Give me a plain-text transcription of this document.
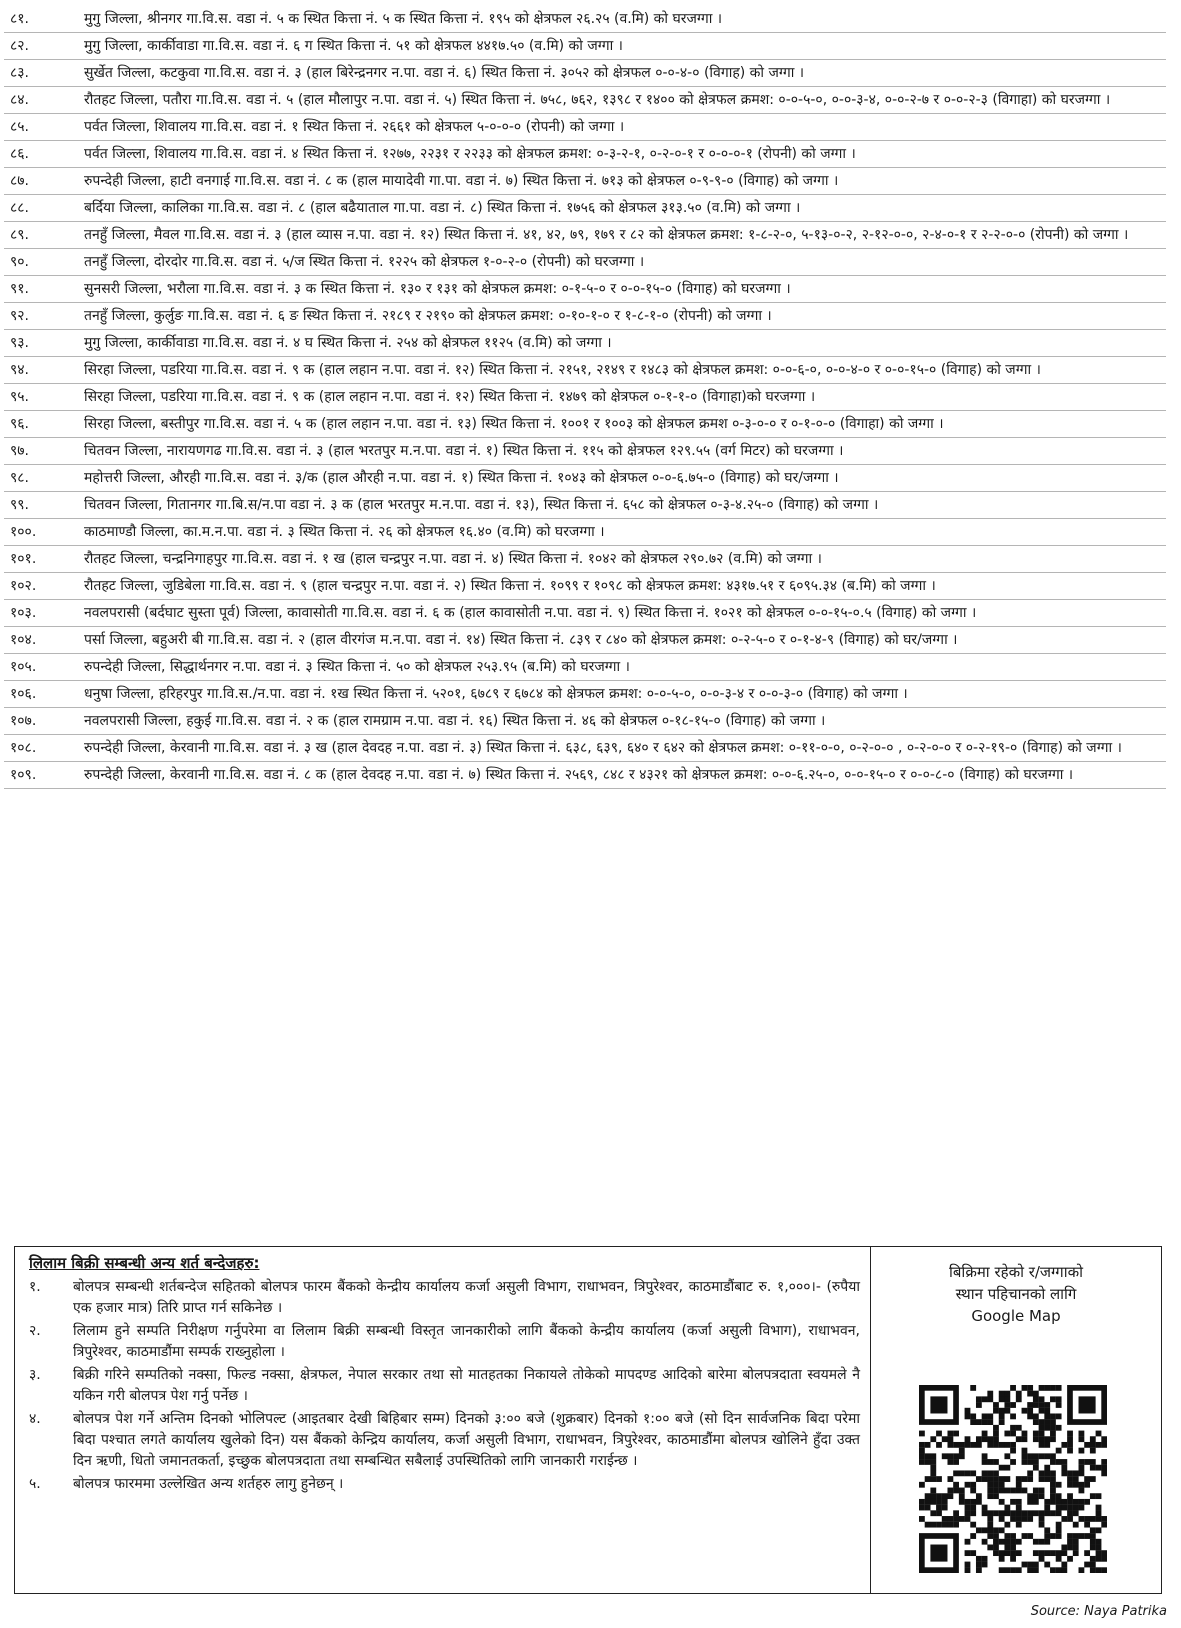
८१.	मुगु जिल्ला, श्रीनगर गा.वि.स. वडा नं. ५ क स्थित कित्ता नं. ५ क स्थित कित्ता नं. १९५ को क्षेत्रफल २६.२५ (व.मि) को घरजग्गा ।
८२.	मुगु जिल्ला, कार्कीवाडा गा.वि.स. वडा नं. ६ ग स्थित कित्ता नं. ५१ को क्षेत्रफल ४४१७.५० (व.मि) को जग्गा ।
८३.	सुर्खेत जिल्ला, कटकुवा गा.वि.स. वडा नं. ३ (हाल बिरेन्द्रनगर न.पा. वडा नं. ६) स्थित कित्ता नं. ३०५२ को क्षेत्रफल ०-०-४-० (विगाह) को जग्गा ।
८४.	रौतहट जिल्ला, पतौरा गा.वि.स. वडा नं. ५ (हाल मौलापुर न.पा. वडा नं. ५) स्थित कित्ता नं. ७५८, ७६२, १३९८ र १४०० को क्षेत्रफल क्रमश: ०-०-५-०, ०-०-३-४, ०-०-२-७ र ०-०-२-३ (विगाहा) को घरजग्गा ।
८५.	पर्वत जिल्ला, शिवालय गा.वि.स. वडा नं. १ स्थित कित्ता नं. २६६१ को क्षेत्रफल ५-०-०-० (रोपनी) को जग्गा ।
८६.	पर्वत जिल्ला, शिवालय गा.वि.स. वडा नं. ४ स्थित कित्ता नं. १२७७, २२३१ र २२३३ को क्षेत्रफल क्रमश: ०-३-२-१, ०-२-०-१ र ०-०-०-१ (रोपनी) को जग्गा ।
८७.	रुपन्देही जिल्ला, हाटी वनगाई गा.वि.स. वडा नं. ८ क (हाल मायादेवी गा.पा. वडा नं. ७) स्थित कित्ता नं. ७१३ को क्षेत्रफल ०-९-९-० (विगाह) को जग्गा ।
८८.	बर्दिया जिल्ला, कालिका गा.वि.स. वडा नं. ८ (हाल बढैयाताल गा.पा. वडा नं. ८) स्थित कित्ता नं. १७५६ को क्षेत्रफल ३१३.५० (व.मि) को जग्गा ।
८९.	तनहुँ जिल्ला, मैवल गा.वि.स. वडा नं. ३ (हाल व्यास न.पा. वडा नं. १२) स्थित कित्ता नं. ४१, ४२, ७९, १७९ र ८२ को क्षेत्रफल क्रमश: १-८-२-०, ५-१३-०-२, २-१२-०-०, २-४-०-१ र २-२-०-० (रोपनी) को जग्गा ।
९०.	तनहुँ जिल्ला, दोरदोर गा.वि.स. वडा नं. ५/ज स्थित कित्ता नं. १२२५ को क्षेत्रफल १-०-२-० (रोपनी) को घरजग्गा ।
९१.	सुनसरी जिल्ला, भरौला गा.वि.स. वडा नं. ३ क स्थित कित्ता नं. १३० र १३१ को क्षेत्रफल क्रमश: ०-१-५-० र ०-०-१५-० (विगाह) को घरजग्गा ।
९२.	तनहुँ जिल्ला, कुर्लुङ गा.वि.स. वडा नं. ६ ङ स्थित कित्ता नं. २१८९ र २१९० को क्षेत्रफल क्रमश: ०-१०-१-० र १-८-१-० (रोपनी) को जग्गा ।
९३.	मुगु जिल्ला, कार्कीवाडा गा.वि.स. वडा नं. ४ घ स्थित कित्ता नं. २५४ को क्षेत्रफल ११२५ (व.मि) को जग्गा ।
९४.	सिरहा जिल्ला, पडरिया गा.वि.स. वडा नं. ९ क (हाल लहान न.पा. वडा नं. १२) स्थित कित्ता नं. २१५१, २१४९ र १४८३ को क्षेत्रफल क्रमश: ०-०-६-०, ०-०-४-० र ०-०-१५-० (विगाह) को जग्गा ।
९५.	सिरहा जिल्ला, पडरिया गा.वि.स. वडा नं. ९ क (हाल लहान न.पा. वडा नं. १२) स्थित कित्ता नं. १४७९ को क्षेत्रफल ०-१-१-० (विगाहा)को घरजग्गा ।
९६.	सिरहा जिल्ला, बस्तीपुर गा.वि.स. वडा नं. ५ क (हाल लहान न.पा. वडा नं. १३) स्थित कित्ता नं. १००१ र १००३ को क्षेत्रफल क्रमश ०-३-०-० र ०-१-०-० (विगाहा) को जग्गा ।
९७.	चितवन जिल्ला, नारायणगढ गा.वि.स. वडा नं. ३ (हाल भरतपुर म.न.पा. वडा नं. १) स्थित कित्ता नं. ११५ को क्षेत्रफल १२९.५५ (वर्ग मिटर) को घरजग्गा ।
९८.	महोत्तरी जिल्ला, औरही गा.वि.स. वडा नं. ३/क (हाल औरही न.पा. वडा नं. १) स्थित कित्ता नं. १०४३ को क्षेत्रफल ०-०-६.७५-० (विगाह) को घर/जग्गा ।
९९.	चितवन जिल्ला, गितानगर गा.बि.स/न.पा वडा नं. ३ क (हाल भरतपुर म.न.पा. वडा नं. १३), स्थित कित्ता नं. ६५८ को क्षेत्रफल ०-३-४.२५-० (विगाह) को जग्गा ।
१००.	काठमाण्डौ जिल्ला, का.म.न.पा. वडा नं. ३ स्थित कित्ता नं. २६ को क्षेत्रफल १६.४० (व.मि) को घरजग्गा ।
१०१.	रौतहट जिल्ला, चन्द्रनिगाहपुर गा.वि.स. वडा नं. १ ख (हाल चन्द्रपुर न.पा. वडा नं. ४) स्थित कित्ता नं. १०४२ को क्षेत्रफल २९०.७२ (व.मि) को जग्गा ।
१०२.	रौतहट जिल्ला, जुडिबेला गा.वि.स. वडा नं. ९ (हाल चन्द्रपुर न.पा. वडा नं. २) स्थित कित्ता नं. १०९९ र १०९८ को क्षेत्रफल क्रमश: ४३१७.५१ र ६०९५.३४ (ब.मि) को जग्गा ।
१०३.	नवलपरासी (बर्दघाट सुस्ता पूर्व) जिल्ला, कावासोती गा.वि.स. वडा नं. ६ क (हाल कावासोती न.पा. वडा नं. ९) स्थित कित्ता नं. १०२१ को क्षेत्रफल ०-०-१५-०.५ (विगाह) को जग्गा ।
१०४.	पर्सा जिल्ला, बहुअरी बी गा.वि.स. वडा नं. २ (हाल वीरगंज म.न.पा. वडा नं. १४) स्थित कित्ता नं. ८३९ र ८४० को क्षेत्रफल क्रमश: ०-२-५-० र ०-१-४-९ (विगाह) को घर/जग्गा ।
१०५.	रुपन्देही जिल्ला, सिद्धार्थनगर न.पा. वडा नं. ३ स्थित कित्ता नं. ५० को क्षेत्रफल २५३.९५ (ब.मि) को घरजग्गा ।
१०६.	धनुषा जिल्ला, हरिहरपुर गा.वि.स./न.पा. वडा नं. १ख स्थित कित्ता नं. ५२०१, ६७८९ र ६७८४ को क्षेत्रफल क्रमश: ०-०-५-०, ०-०-३-४ र ०-०-३-० (विगाह) को जग्गा ।
१०७.	नवलपरासी जिल्ला, हकुई गा.वि.स. वडा नं. २ क (हाल रामग्राम न.पा. वडा नं. १६) स्थित कित्ता नं. ४६ को क्षेत्रफल ०-१८-१५-० (विगाह) को जग्गा ।
१०८.	रुपन्देही जिल्ला, केरवानी गा.वि.स. वडा नं. ३ ख (हाल देवदह न.पा. वडा नं. ३) स्थित कित्ता नं. ६३८, ६३९, ६४० र ६४२ को क्षेत्रफल क्रमश: ०-११-०-०, ०-२-०-० , ०-२-०-० र ०-२-१९-० (विगाह) को जग्गा ।
१०९.	रुपन्देही जिल्ला, केरवानी गा.वि.स. वडा नं. ८ क (हाल देवदह न.पा. वडा नं. ७) स्थित कित्ता नं. २५६९, ८४८ र ४३२१ को क्षेत्रफल क्रमश: ०-०-६.२५-०, ०-०-१५-० र ०-०-८-० (विगाह) को घरजग्गा ।
लिलाम बिक्री सम्बन्धी अन्य शर्त बन्देजहरु:
१.	बोलपत्र सम्बन्धी शर्तबन्देज सहितको बोलपत्र फारम बैंकको केन्द्रीय कार्यालय कर्जा असुली विभाग, राधाभवन, त्रिपुरेश्वर, काठमाडौंबाट रु. १,०००।- (रुपैया एक हजार मात्र) तिरि प्राप्त गर्न सकिनेछ ।
२.	लिलाम हुने सम्पति निरीक्षण गर्नुपरेमा वा लिलाम बिक्री सम्बन्धी विस्तृत जानकारीको लागि बैंकको केन्द्रीय कार्यालय (कर्जा असुली विभाग), राधाभवन, त्रिपुरेश्वर, काठमाडौंमा सम्पर्क राख्नुहोला ।
३.	बिक्री गरिने सम्पतिको नक्सा, फिल्ड नक्सा, क्षेत्रफल, नेपाल सरकार तथा सो मातहतका निकायले तोकेको मापदण्ड आदिको बारेमा बोलपत्रदाता स्वयमले नै यकिन गरी बोलपत्र पेश गर्नु पर्नेछ ।
४.	बोलपत्र पेश गर्ने अन्तिम दिनको भोलिपल्ट (आइतबार देखी बिहिबार सम्म) दिनको ३:०० बजे (शुक्रबार) दिनको १:०० बजे (सो दिन सार्वजनिक बिदा परेमा बिदा पश्चात लगते कार्यालय खुलेको दिन) यस बैंकको केन्द्रिय कार्यालय, कर्जा असुली विभाग, राधाभवन, त्रिपुरेश्वर, काठमाडौंमा बोलपत्र खोलिने हुँदा उक्त दिन ऋणी, धितो जमानतकर्ता, इच्छुक बोलपत्रदाता तथा सम्बन्धित सबैलाई उपस्थितिको लागि जानकारी गराईन्छ ।
५.	बोलपत्र फारममा उल्लेखित अन्य शर्तहरु लागु हुनेछन् ।

बिक्रिमा रहेको र/जग्गाको
स्थान पहिचानको लागि
Google Map

Source: Naya Patrika
